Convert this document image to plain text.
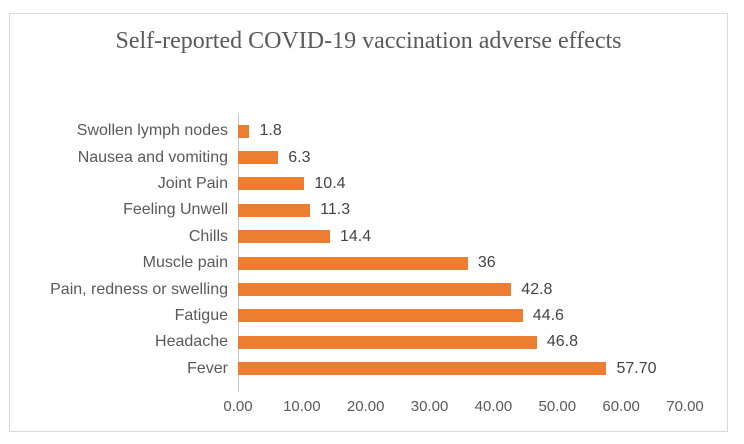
Self-reported COVID-19 vaccination adverse effects
Swollen lymph nodes	1.8
Nausea and vomiting	6.3
Joint Pain	10.4
Feeling Unwell	11.3
Chills	14.4
Muscle pain	36
Pain, redness or swelling	42.8
Fatigue	44.6
Headache	46.8
Fever	57.70
0.00 10.00 20.00 30.00 40.00 50.00 60.00 70.00
